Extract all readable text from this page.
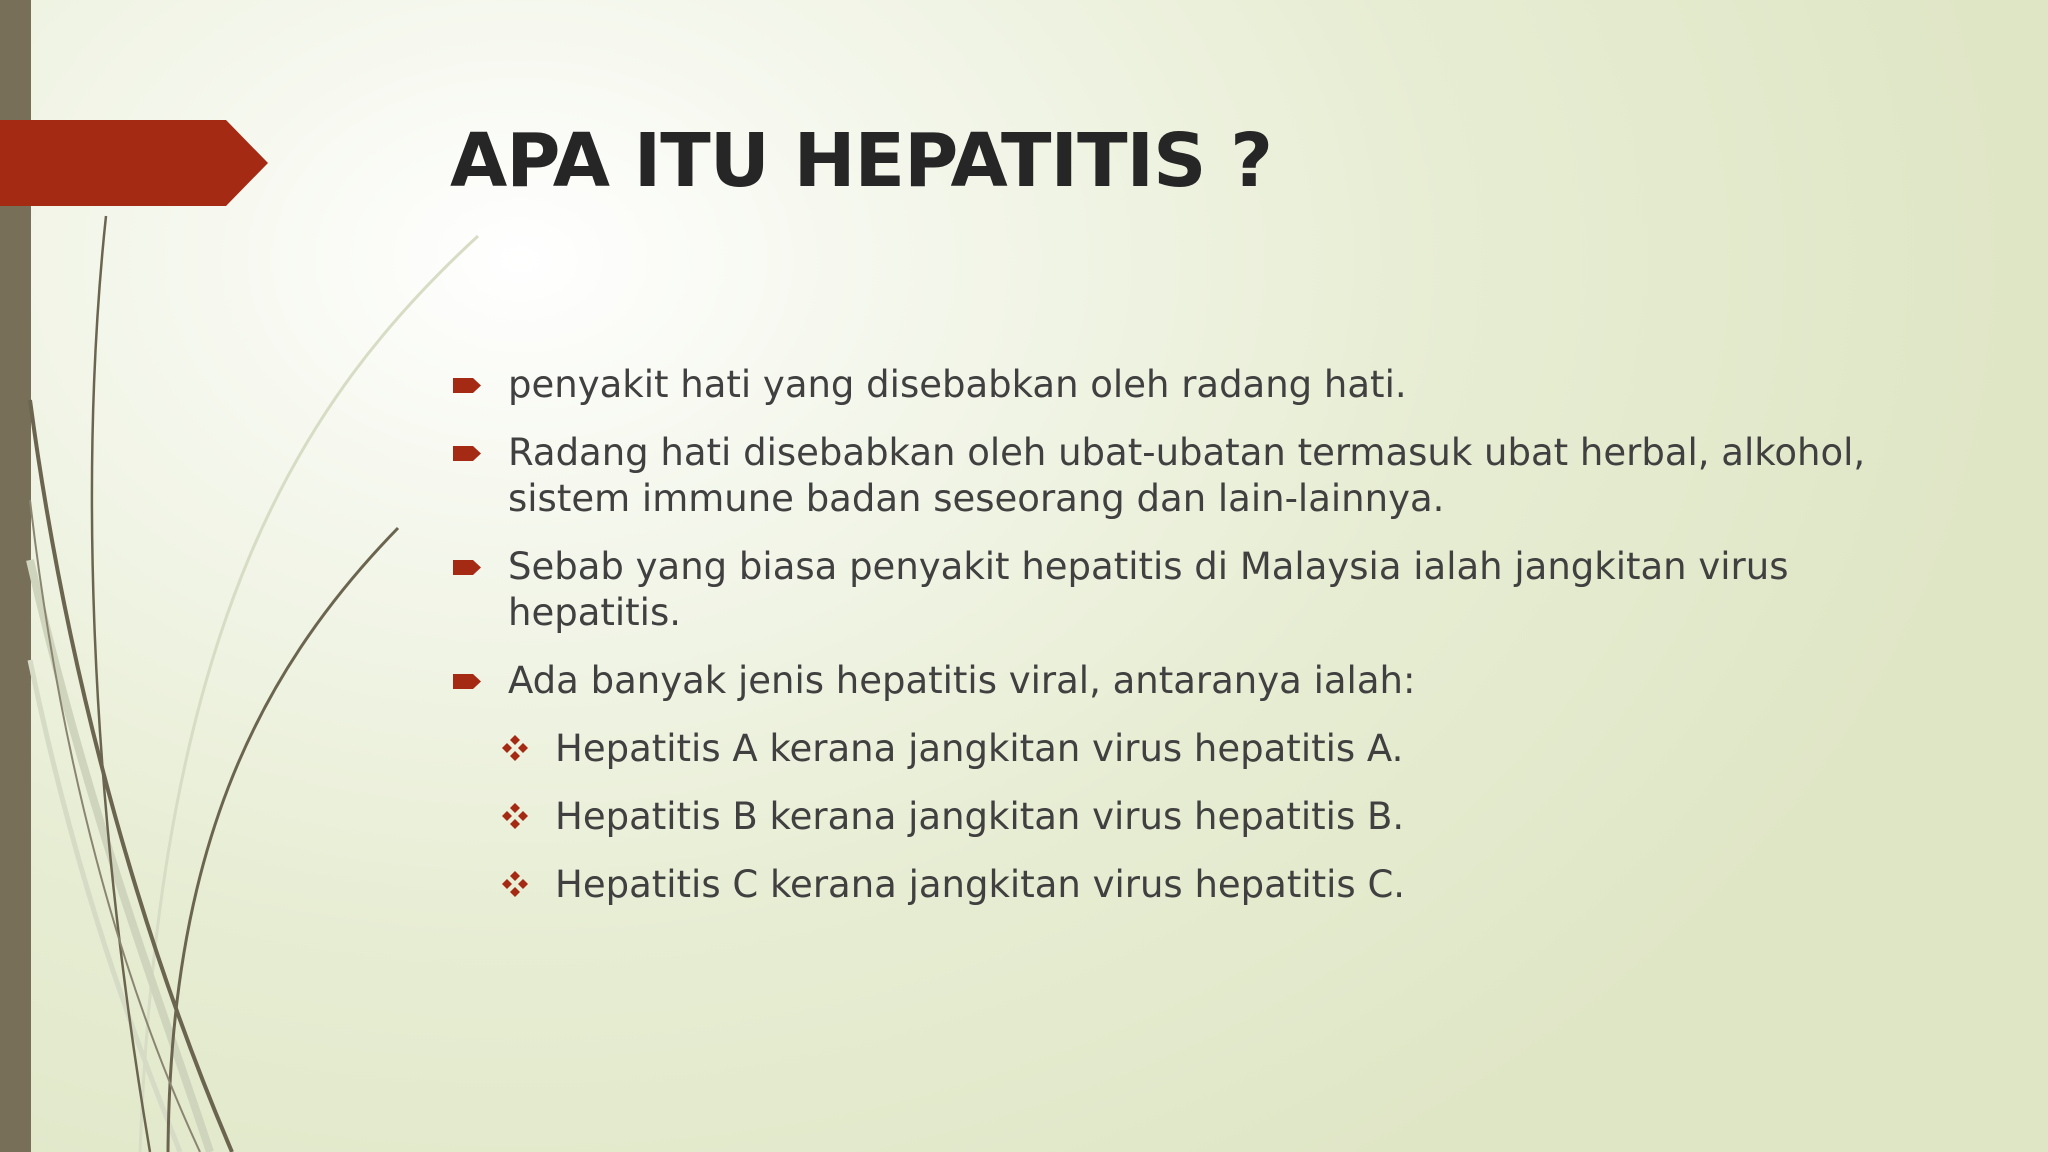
APA ITU HEPATITIS ?
penyakit hati yang disebabkan oleh radang hati.
Radang hati disebabkan oleh ubat-ubatan termasuk ubat herbal, alkohol, sistem immune badan seseorang dan lain-lainnya.
Sebab yang biasa penyakit hepatitis di Malaysia ialah jangkitan virus hepatitis.
Ada banyak jenis hepatitis viral, antaranya ialah:
Hepatitis A kerana jangkitan virus hepatitis A.
Hepatitis B kerana jangkitan virus hepatitis B.
Hepatitis C kerana jangkitan virus hepatitis C.
